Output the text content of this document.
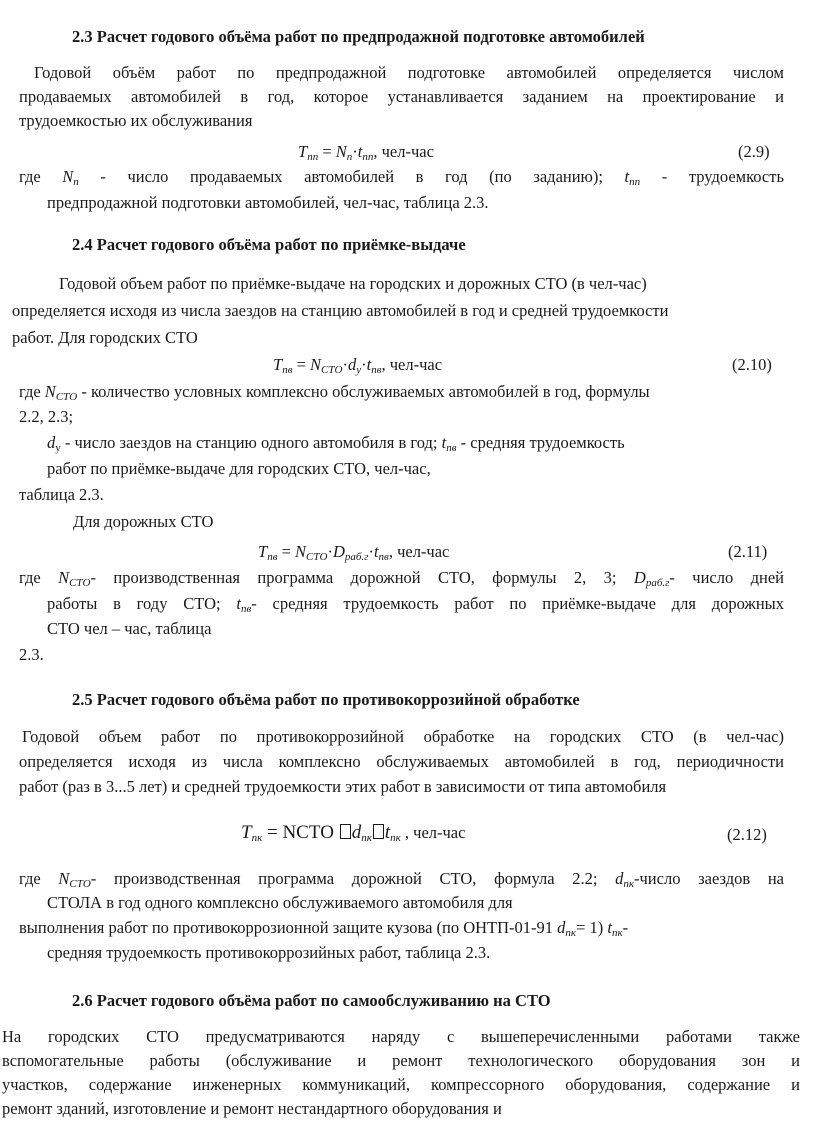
2.3 Расчет годового объёма работ по предпродажной подготовке автомобилей
Годовой объём работ по предпродажной подготовке автомобилей определяется числом
продаваемых автомобилей в год, которое устанавливается заданием на проектирование и
трудоемкостью их обслуживания
$Т_{пп} = N_п\cdot t_{пп}$, чел-час	(2.9)
где $N_п$ - число продаваемых автомобилей в год (по заданию); $t_{пп}$ - трудоемкость
предпродажной подготовки автомобилей, чел-час, таблица 2.3.
2.4 Расчет годового объёма работ по приёмке-выдаче
Годовой объем работ по приёмке-выдаче на городских и дорожных СТО (в чел-час)
определяется исходя из числа заездов на станцию автомобилей в год и средней трудоемкости
работ. Для городских СТО
$Т_{пв} = N_{СТО}\cdot d_у\cdot t_{пв}$, чел-час	(2.10)
где $N_{СТО}$ - количество условных комплексно обслуживаемых автомобилей в год, формулы
2.2, 2.3;
$d_у$ - число заездов на станцию одного автомобиля в год; $t_{пв}$ - средняя трудоемкость
работ по приёмке-выдаче для городских СТО, чел-час,
таблица 2.3.
Для дорожных СТО
$Т_{пв} = N_{СТО}\cdot D_{раб.г}\cdot t_{пв}$, чел-час	(2.11)
где $N_{СТО}-$ производственная программа дорожной СТО, формулы 2, 3; $D_{раб.г}-$ число дней
работы в году СТО; $t_{пв}-$ средняя трудоемкость работ по приёмке-выдаче для дорожных
СТО чел – час, таблица
2.3.
2.5 Расчет годового объёма работ по противокоррозийной обработке
Годовой объем работ по противокоррозийной обработке на городских СТО (в чел-час)
определяется исходя из числа комплексно обслуживаемых автомобилей в год, периодичности
работ (раз в 3...5 лет) и средней трудоемкости этих работ в зависимости от типа автомобиля
$Т_{пк}$ = NСТО $d_{пк}$ $t_{пк}$ , чел-час	(2.12)
где $N_{СТО}-$ производственная программа дорожной СТО, формула 2.2; $d_{пк}$-число заездов на
СТОЛА в год одного комплексно обслуживаемого автомобиля для
выполнения работ по противокоррозионной защите кузова (по ОНТП-01-91 $d_{пк}= 1$) $t_{пк}-$
средняя трудоемкость противокоррозийных работ, таблица 2.3.
2.6 Расчет годового объёма работ по самообслуживанию на СТО
На городских СТО предусматриваются наряду с вышеперечисленными работами также
вспомогательные работы (обслуживание и ремонт технологического оборудования зон и
участков, содержание инженерных коммуникаций, компрессорного оборудования, содержание и
ремонт зданий, изготовление и ремонт нестандартного оборудования и
